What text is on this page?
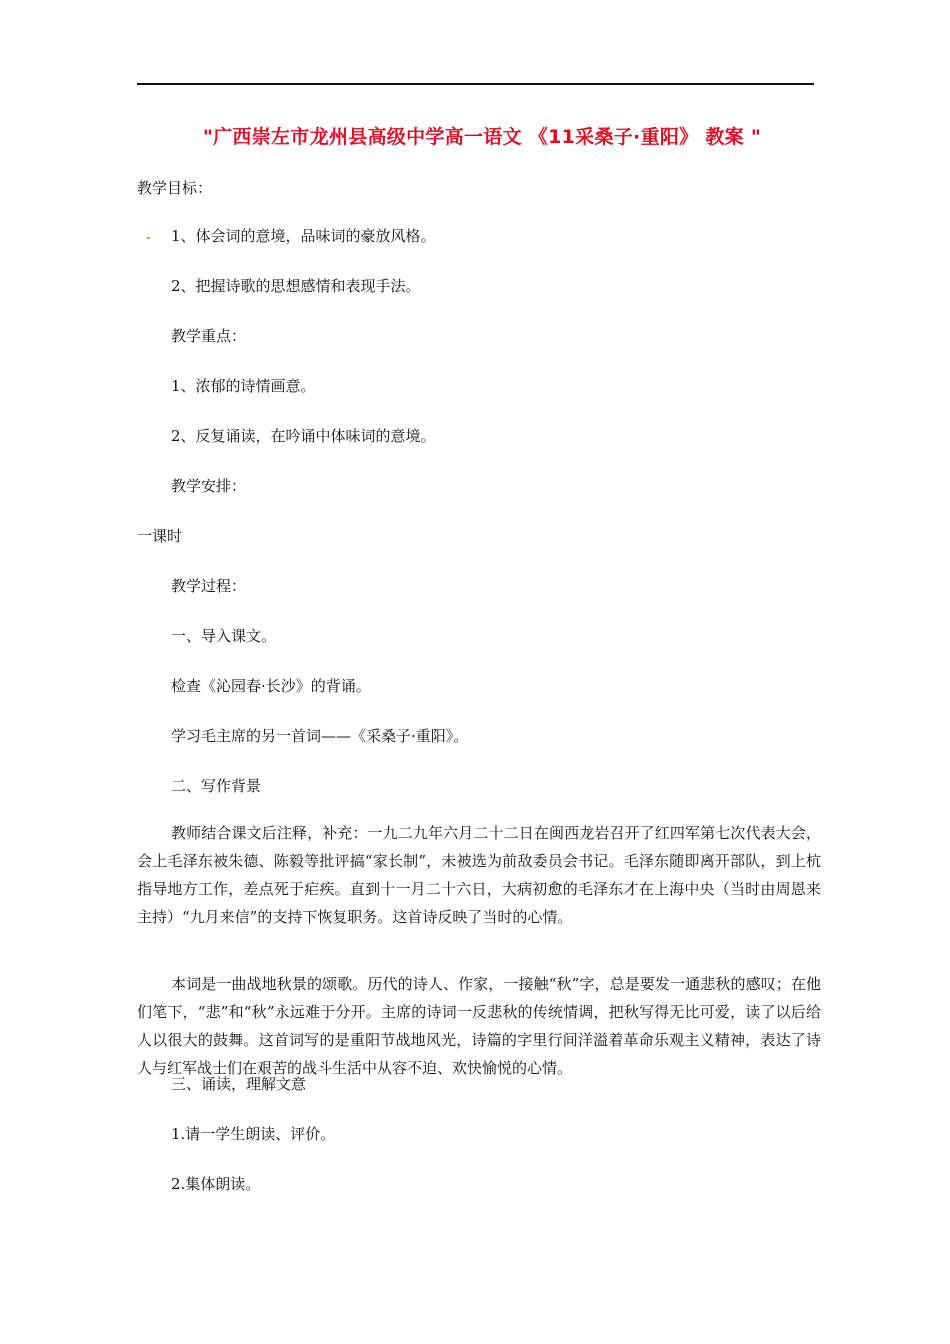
"广西崇左市龙州县高级中学高一语文 《11采桑子·重阳》 教案 "
教学目标：
1、体会词的意境，品味词的豪放风格。
2、把握诗歌的思想感情和表现手法。
教学重点：
1、浓郁的诗情画意。
2、反复诵读，在吟诵中体味词的意境。
教学安排：
一课时
教学过程：
一、导入课文。
检查《沁园春·长沙》的背诵。
学习毛主席的另一首词——《采桑子·重阳》。
二、写作背景
教师结合课文后注释，补充：一九二九年六月二十二日在闽西龙岩召开了红四军第七次代表大会，会上毛泽东被朱德、陈毅等批评搞“家长制”，未被选为前敌委员会书记。毛泽东随即离开部队，到上杭指导地方工作，差点死于疟疾。直到十一月二十六日，大病初愈的毛泽东才在上海中央（当时由周恩来主持）“九月来信”的支持下恢复职务。这首诗反映了当时的心情。
本词是一曲战地秋景的颂歌。历代的诗人、作家，一接触“秋”字，总是要发一通悲秋的感叹；在他们笔下，“悲”和“秋”永远难于分开。主席的诗词一反悲秋的传统情调，把秋写得无比可爱，读了以后给人以很大的鼓舞。这首词写的是重阳节战地风光，诗篇的字里行间洋溢着革命乐观主义精神，表达了诗人与红军战士们在艰苦的战斗生活中从容不迫、欢快愉悦的心情。
三、诵读，理解文意
1.请一学生朗读、评价。
2.集体朗读。
